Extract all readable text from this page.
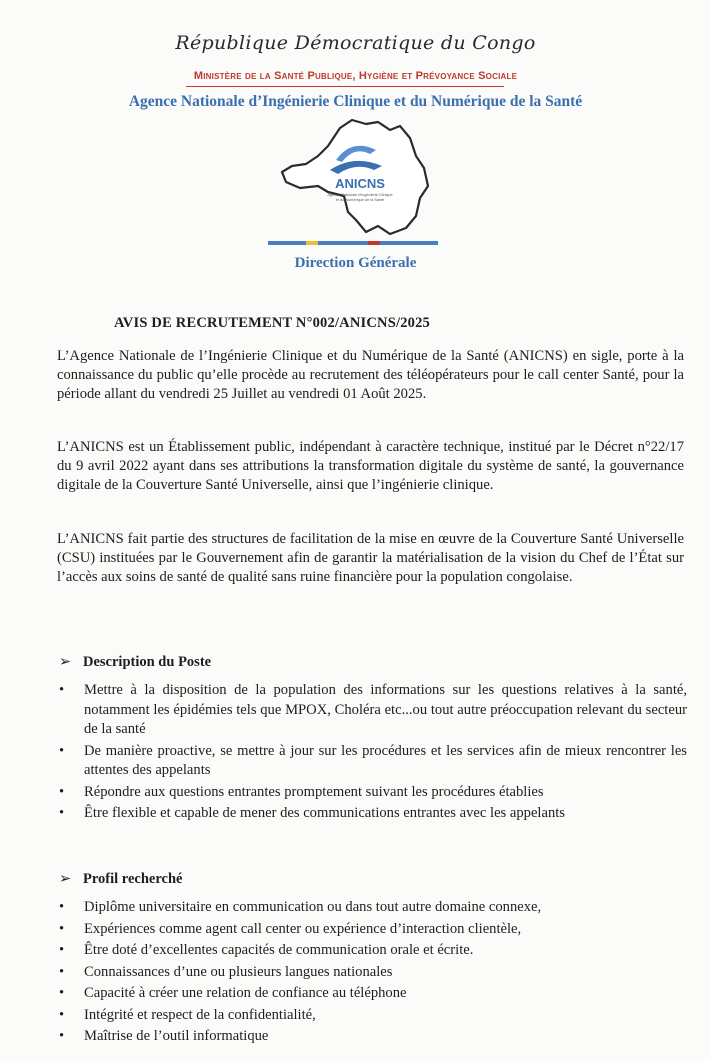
République Démocratique du Congo
Ministère de la Santé Publique, Hygiène et Prévoyance Sociale
Agence Nationale d’Ingénierie Clinique et du Numérique de la Santé
ANICNS
Agence Nationale d'Ingénierie Clinique
et du Numérique de la Santé
Direction Générale
AVIS DE RECRUTEMENT N°002/ANICNS/2025

L’Agence Nationale de l’Ingénierie Clinique et du Numérique de la Santé (ANICNS) en sigle, porte à la connaissance du public qu’elle procède au recrutement des téléopérateurs pour le call center Santé, pour la période allant du vendredi 25 Juillet au vendredi 01 Août 2025.

L’ANICNS est un Établissement public, indépendant à caractère technique, institué par le Décret n°22/17 du 9 avril 2022 ayant dans ses attributions la transformation digitale du système de santé, la gouvernance digitale de la Couverture Santé Universelle, ainsi que l’ingénierie clinique.

L’ANICNS fait partie des structures de facilitation de la mise en œuvre de la Couverture Santé Universelle (CSU) instituées par le Gouvernement afin de garantir la matérialisation de la vision du Chef de l’État sur l’accès aux soins de santé de qualité sans ruine financière pour la population congolaise.

➢ Description du Poste
• Mettre à la disposition de la population des informations sur les questions relatives à la santé, notamment les épidémies tels que MPOX, Choléra etc...ou tout autre préoccupation relevant du secteur de la santé
• De manière proactive, se mettre à jour sur les procédures et les services afin de mieux rencontrer les attentes des appelants
• Répondre aux questions entrantes promptement suivant les procédures établies
• Être flexible et capable de mener des communications entrantes avec les appelants
➢ Profil recherché
• Diplôme universitaire en communication ou dans tout autre domaine connexe,
• Expériences comme agent call center ou expérience d’interaction clientèle,
• Être doté d’excellentes capacités de communication orale et écrite.
• Connaissances d’une ou plusieurs langues nationales
• Capacité à créer une relation de confiance au téléphone
• Intégrité et respect de la confidentialité,
• Maîtrise de l’outil informatique
